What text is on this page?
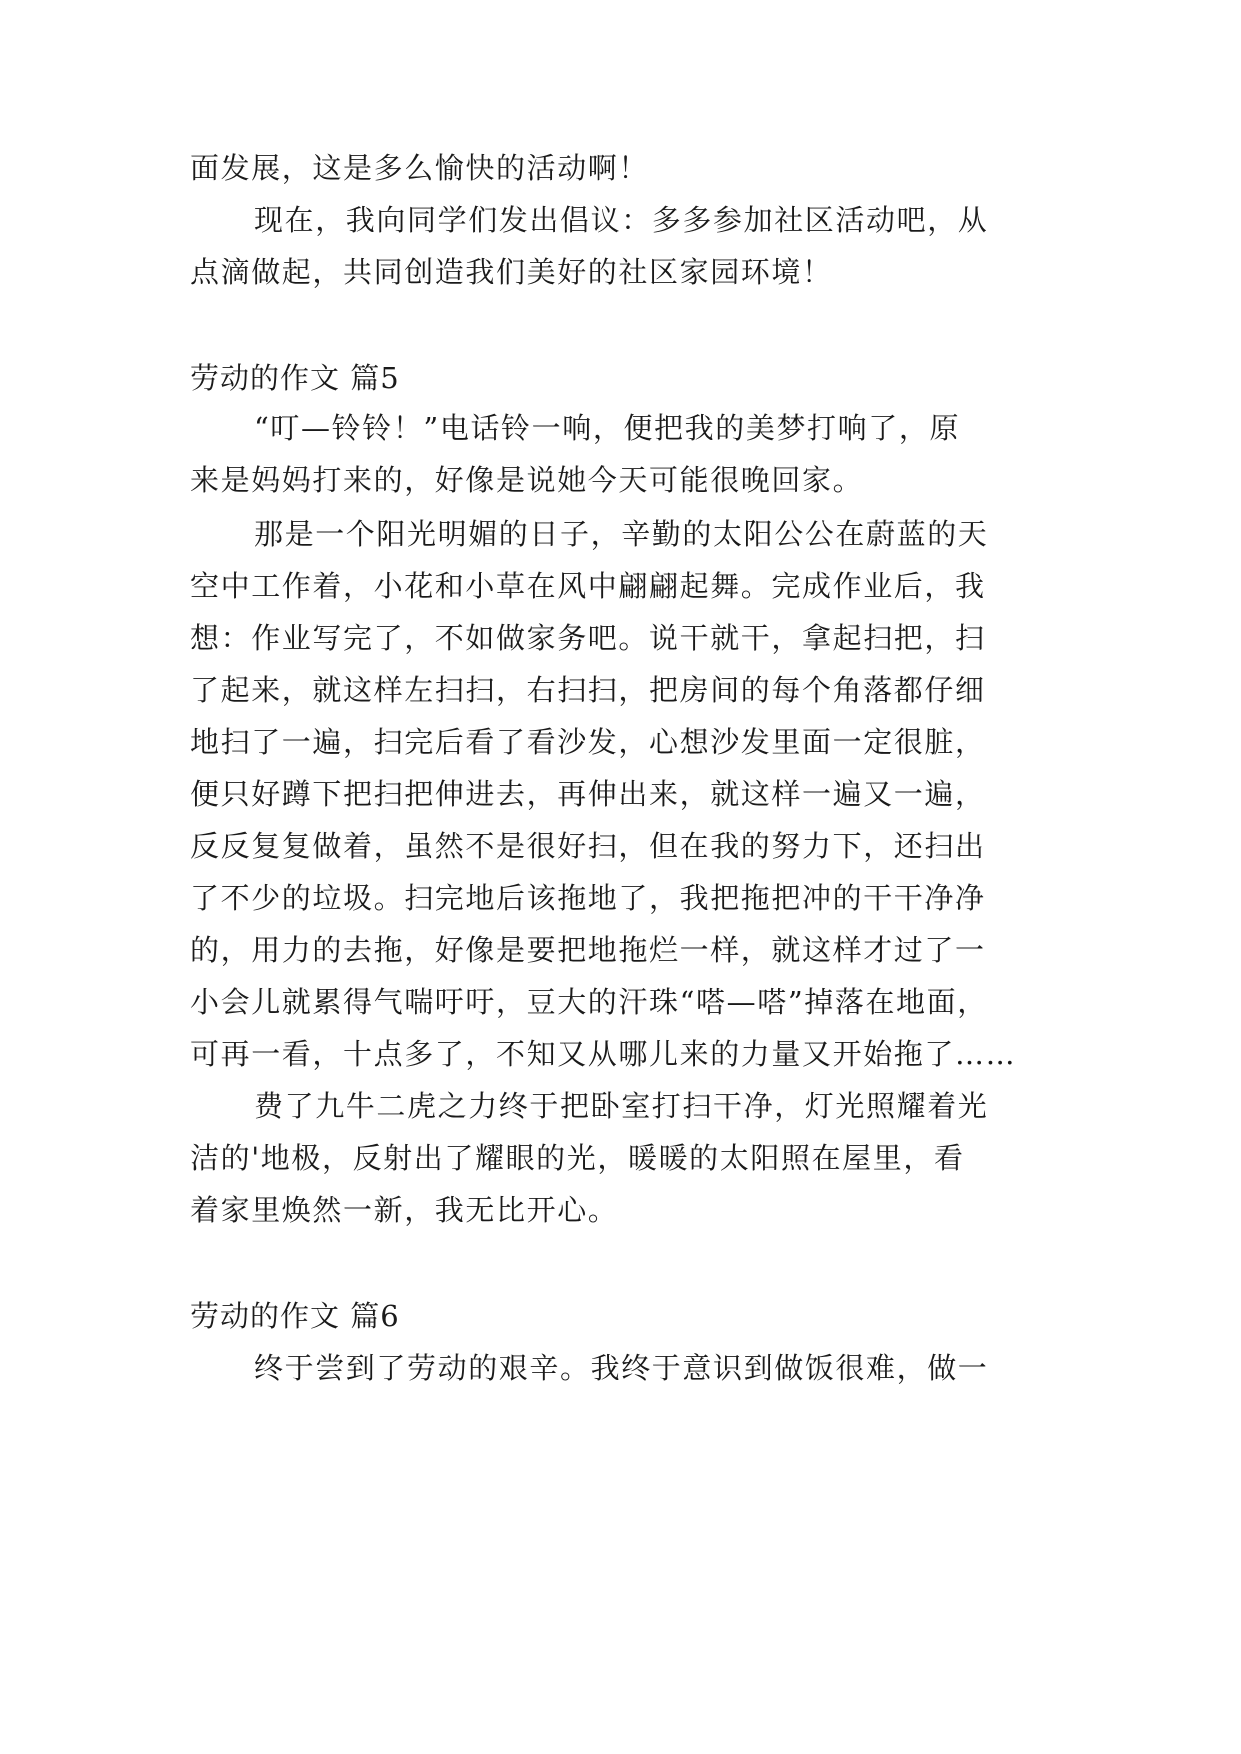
面发展，这是多么愉快的活动啊！
现在，我向同学们发出倡议：多多参加社区活动吧，从
点滴做起，共同创造我们美好的社区家园环境！
劳动的作文 篇5
“叮—铃铃！”电话铃一响，便把我的美梦打响了，原
来是妈妈打来的，好像是说她今天可能很晚回家。
那是一个阳光明媚的日子，辛勤的太阳公公在蔚蓝的天
空中工作着，小花和小草在风中翩翩起舞。完成作业后，我
想：作业写完了，不如做家务吧。说干就干，拿起扫把，扫
了起来，就这样左扫扫，右扫扫，把房间的每个角落都仔细
地扫了一遍，扫完后看了看沙发，心想沙发里面一定很脏，
便只好蹲下把扫把伸进去，再伸出来，就这样一遍又一遍，
反反复复做着，虽然不是很好扫，但在我的努力下，还扫出
了不少的垃圾。扫完地后该拖地了，我把拖把冲的干干净净
的，用力的去拖，好像是要把地拖烂一样，就这样才过了一
小会儿就累得气喘吁吁，豆大的汗珠“嗒—嗒”掉落在地面，
可再一看，十点多了，不知又从哪儿来的力量又开始拖了……
费了九牛二虎之力终于把卧室打扫干净，灯光照耀着光
洁的'地极，反射出了耀眼的光，暖暖的太阳照在屋里，看
着家里焕然一新，我无比开心。
劳动的作文 篇6
终于尝到了劳动的艰辛。我终于意识到做饭很难，做一
